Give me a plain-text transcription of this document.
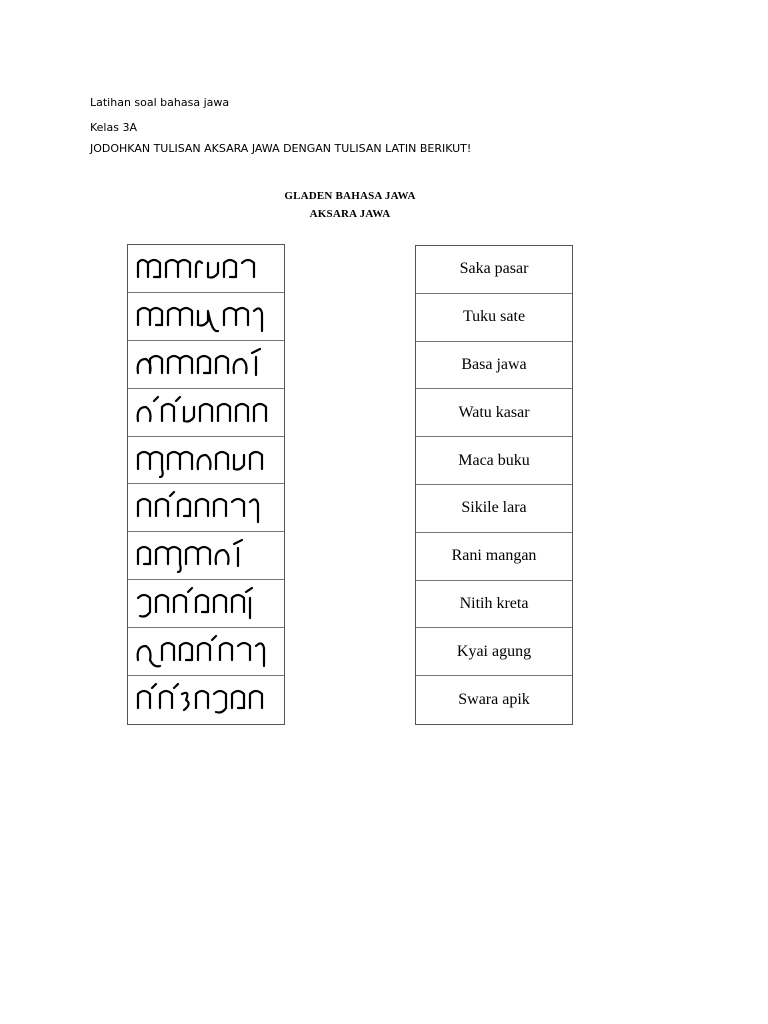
Latihan soal bahasa jawa
Kelas 3A
JODOHKAN TULISAN AKSARA JAWA DENGAN TULISAN LATIN BERIKUT!
GLADEN BAHASA JAWA
AKSARA JAWA
Saka pasar
Tuku sate
Basa jawa
Watu kasar
Maca buku
Sikile lara
Rani mangan
Nitih kreta
Kyai agung
Swara apik
